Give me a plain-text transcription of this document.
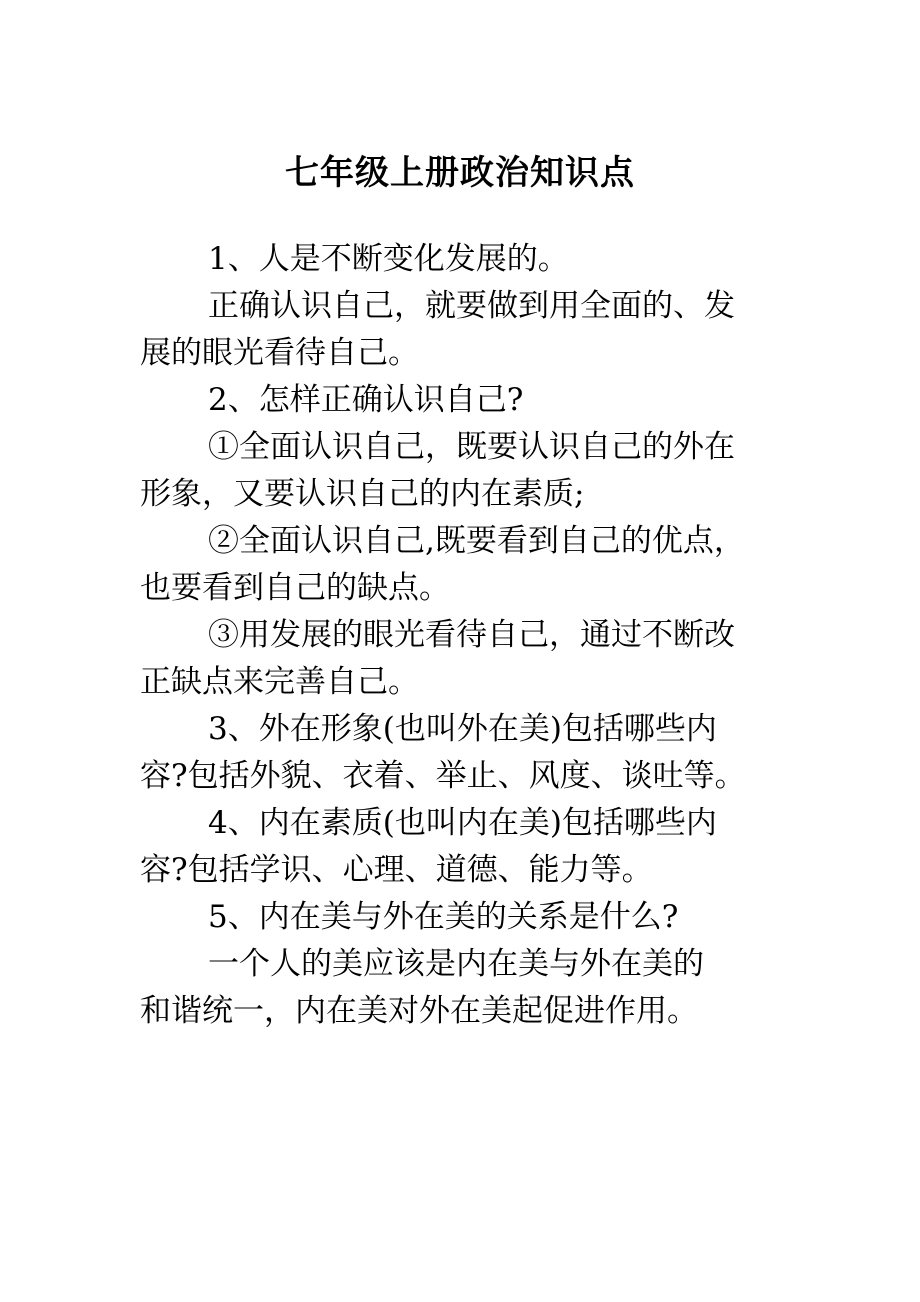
七年级上册政治知识点

1、人是不断变化发展的。

正确认识自己，就要做到用全面的、发
展的眼光看待自己。

2、怎样正确认识自己?

①全面认识自己，既要认识自己的外在
形象，又要认识自己的内在素质;

②全面认识自己,既要看到自己的优点，
也要看到自己的缺点。

③用发展的眼光看待自己，通过不断改
正缺点来完善自己。

3、外在形象(也叫外在美)包括哪些内
容?包括外貌、衣着、举止、风度、谈吐等。

4、内在素质(也叫内在美)包括哪些内
容?包括学识、心理、道德、能力等。

5、内在美与外在美的关系是什么?

一个人的美应该是内在美与外在美的
和谐统一，内在美对外在美起促进作用。
